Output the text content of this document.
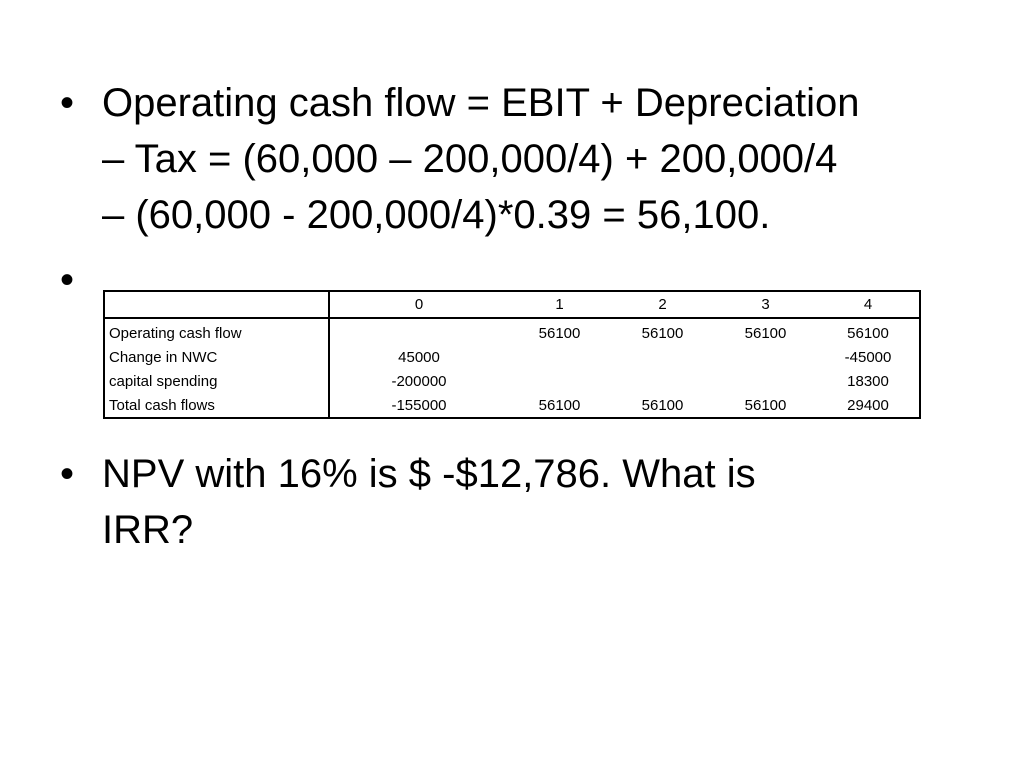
• Operating cash flow = EBIT + Depreciation
– Tax = (60,000 – 200,000/4) + 200,000/4
– (60,000 - 200,000/4)*0.39 = 56,100.
•
	0	1	2	3	4
Operating cash flow		56100	56100	56100	56100
Change in NWC	45000				-45000
capital spending	-200000				18300
Total cash flows	-155000	56100	56100	56100	29400
• NPV with 16% is $ -$12,786. What is
IRR?
